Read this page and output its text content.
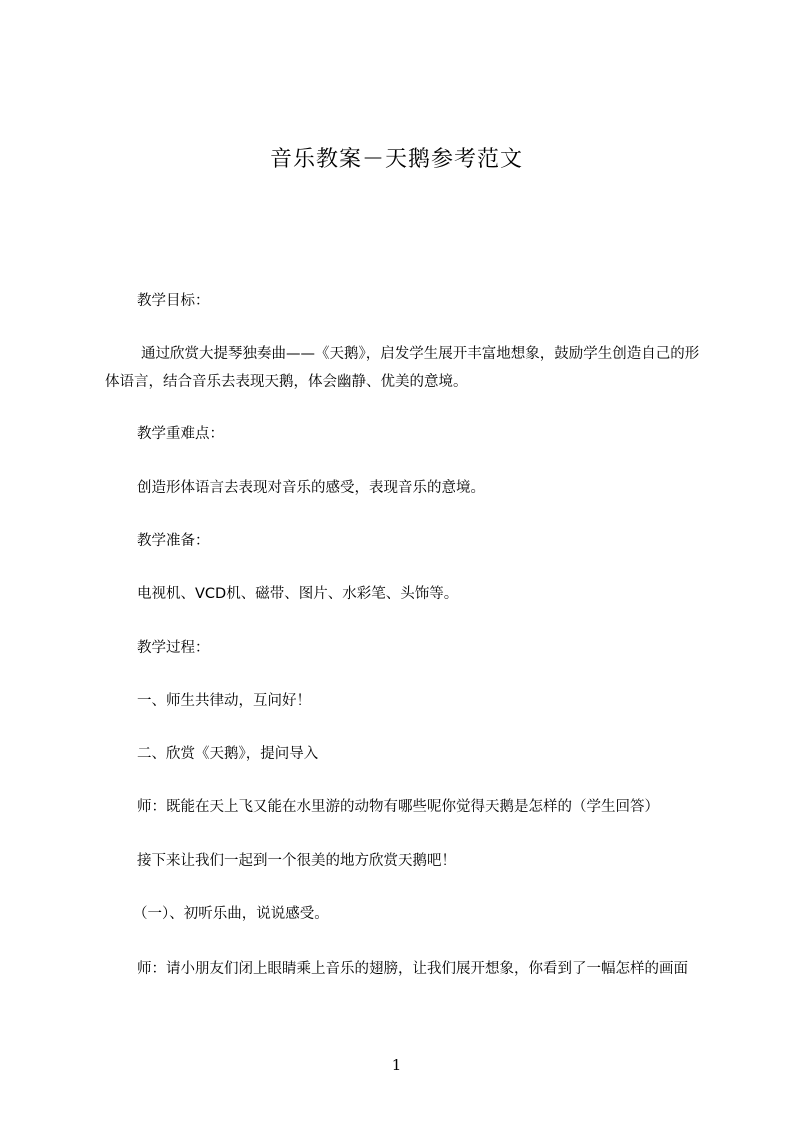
音乐教案－天鹅参考范文
教学目标：
通过欣赏大提琴独奏曲——《天鹅》，启发学生展开丰富地想象，鼓励学生创造自己的形体语言，结合音乐去表现天鹅，体会幽静、优美的意境。
教学重难点：
创造形体语言去表现对音乐的感受，表现音乐的意境。
教学准备：
电视机、VCD机、磁带、图片、水彩笔、头饰等。
教学过程：
一、师生共律动，互问好！
二、欣赏《天鹅》，提问导入
师：既能在天上飞又能在水里游的动物有哪些呢你觉得天鹅是怎样的（学生回答）
接下来让我们一起到一个很美的地方欣赏天鹅吧！
（一）、初听乐曲，说说感受。
师：请小朋友们闭上眼睛乘上音乐的翅膀，让我们展开想象，你看到了一幅怎样的画面
1
